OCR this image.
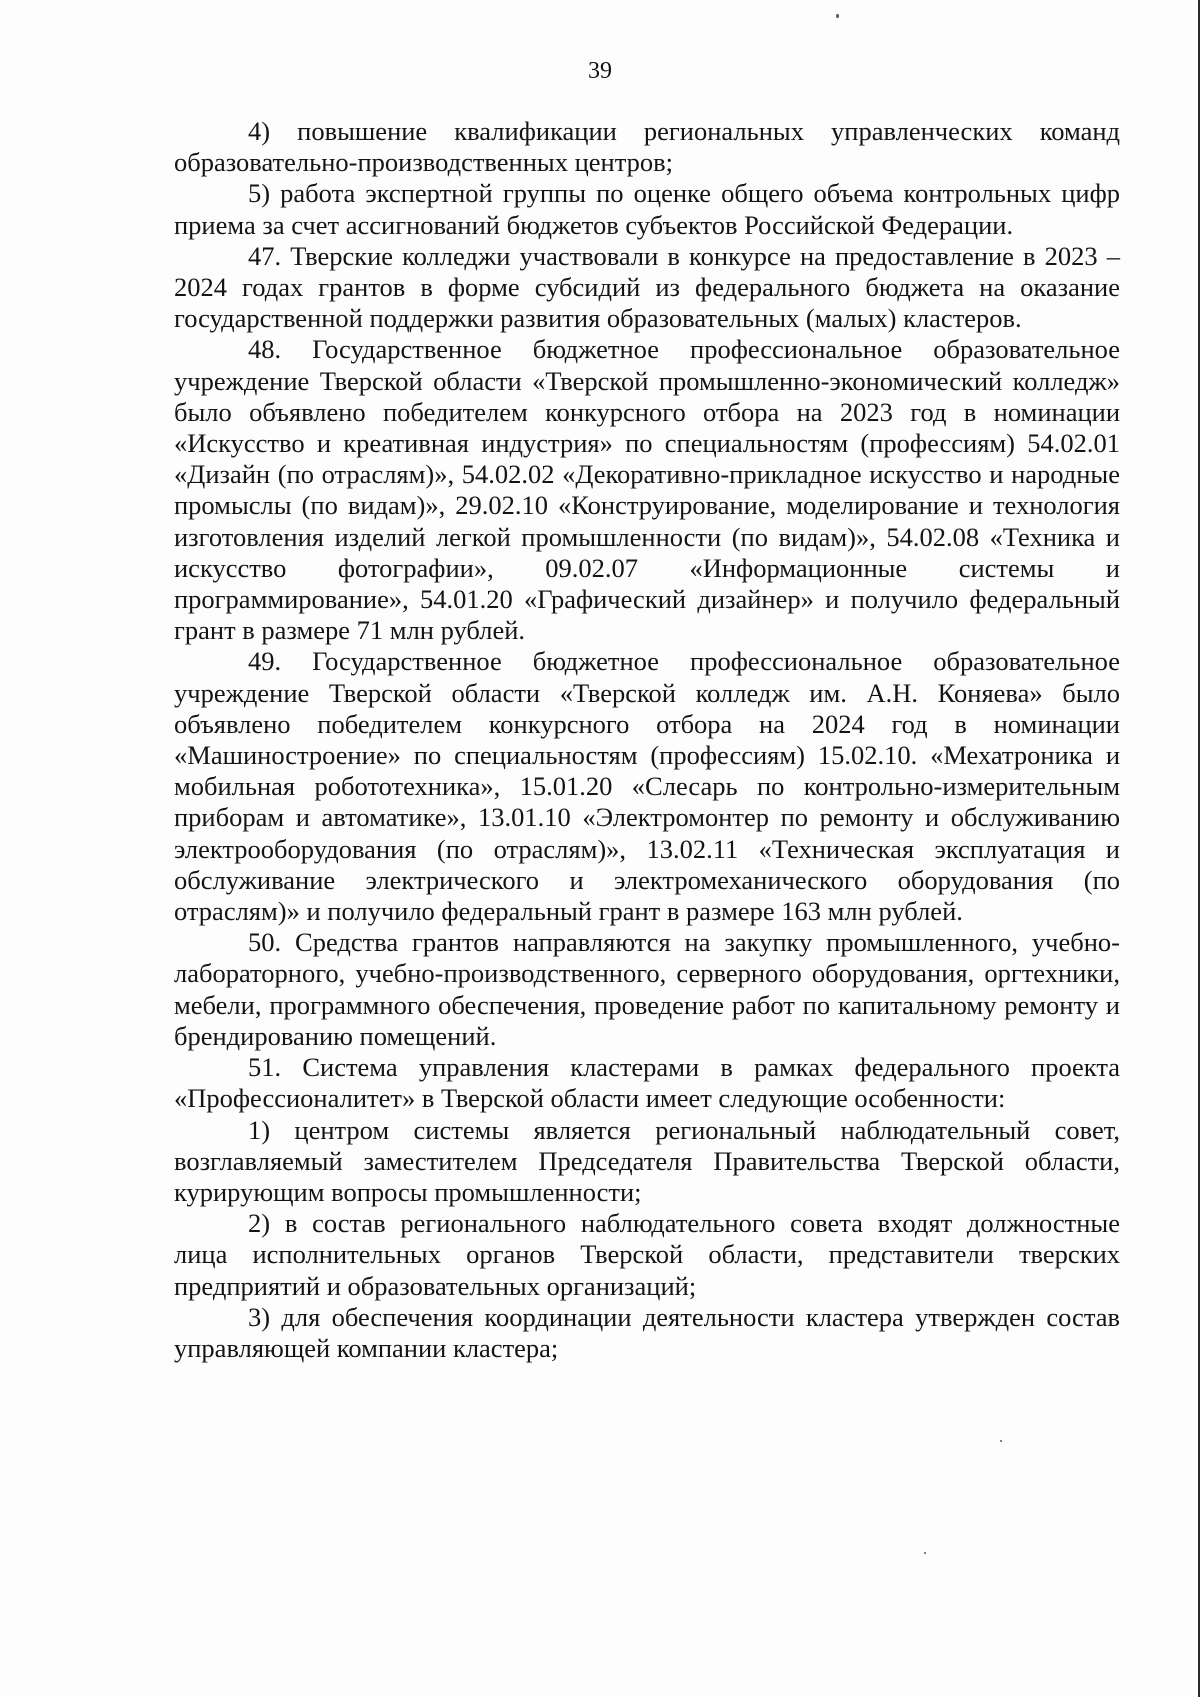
39

4) повышение квалификации региональных управленческих команд образовательно-производственных центров;

5) работа экспертной группы по оценке общего объема контрольных цифр приема за счет ассигнований бюджетов субъектов Российской Федерации.

47. Тверские колледжи участвовали в конкурсе на предоставление в 2023 – 2024 годах грантов в форме субсидий из федерального бюджета на оказание государственной поддержки развития образовательных (малых) кластеров.

48. Государственное бюджетное профессиональное образовательное учреждение Тверской области «Тверской промышленно-экономический колледж» было объявлено победителем конкурсного отбора на 2023 год в номинации «Искусство и креативная индустрия» по специальностям (профессиям) 54.02.01 «Дизайн (по отраслям)», 54.02.02 «Декоративно-прикладное искусство и народные промыслы (по видам)», 29.02.10 «Конструирование, моделирование и технология изготовления изделий легкой промышленности (по видам)», 54.02.08 «Техника и искусство фотографии», 09.02.07 «Информационные системы и программирование», 54.01.20 «Графический дизайнер» и получило федеральный грант в размере 71 млн рублей.

49. Государственное бюджетное профессиональное образовательное учреждение Тверской области «Тверской колледж им. А.Н. Коняева» было объявлено победителем конкурсного отбора на 2024 год в номинации «Машиностроение» по специальностям (профессиям) 15.02.10. «Мехатроника и мобильная робототехника», 15.01.20 «Слесарь по контрольно-измерительным приборам и автоматике», 13.01.10 «Электромонтер по ремонту и обслуживанию электрооборудования (по отраслям)», 13.02.11 «Техническая эксплуатация и обслуживание электрического и электромеханического оборудования (по отраслям)» и получило федеральный грант в размере 163 млн рублей.

50. Средства грантов направляются на закупку промышленного, учебно-лабораторного, учебно-производственного, серверного оборудования, оргтехники, мебели, программного обеспечения, проведение работ по капитальному ремонту и брендированию помещений.

51. Система управления кластерами в рамках федерального проекта «Профессионалитет» в Тверской области имеет следующие особенности:

1) центром системы является региональный наблюдательный совет, возглавляемый заместителем Председателя Правительства Тверской области, курирующим вопросы промышленности;

2) в состав регионального наблюдательного совета входят должностные лица исполнительных органов Тверской области, представители тверских предприятий и образовательных организаций;

3) для обеспечения координации деятельности кластера утвержден состав управляющей компании кластера;
